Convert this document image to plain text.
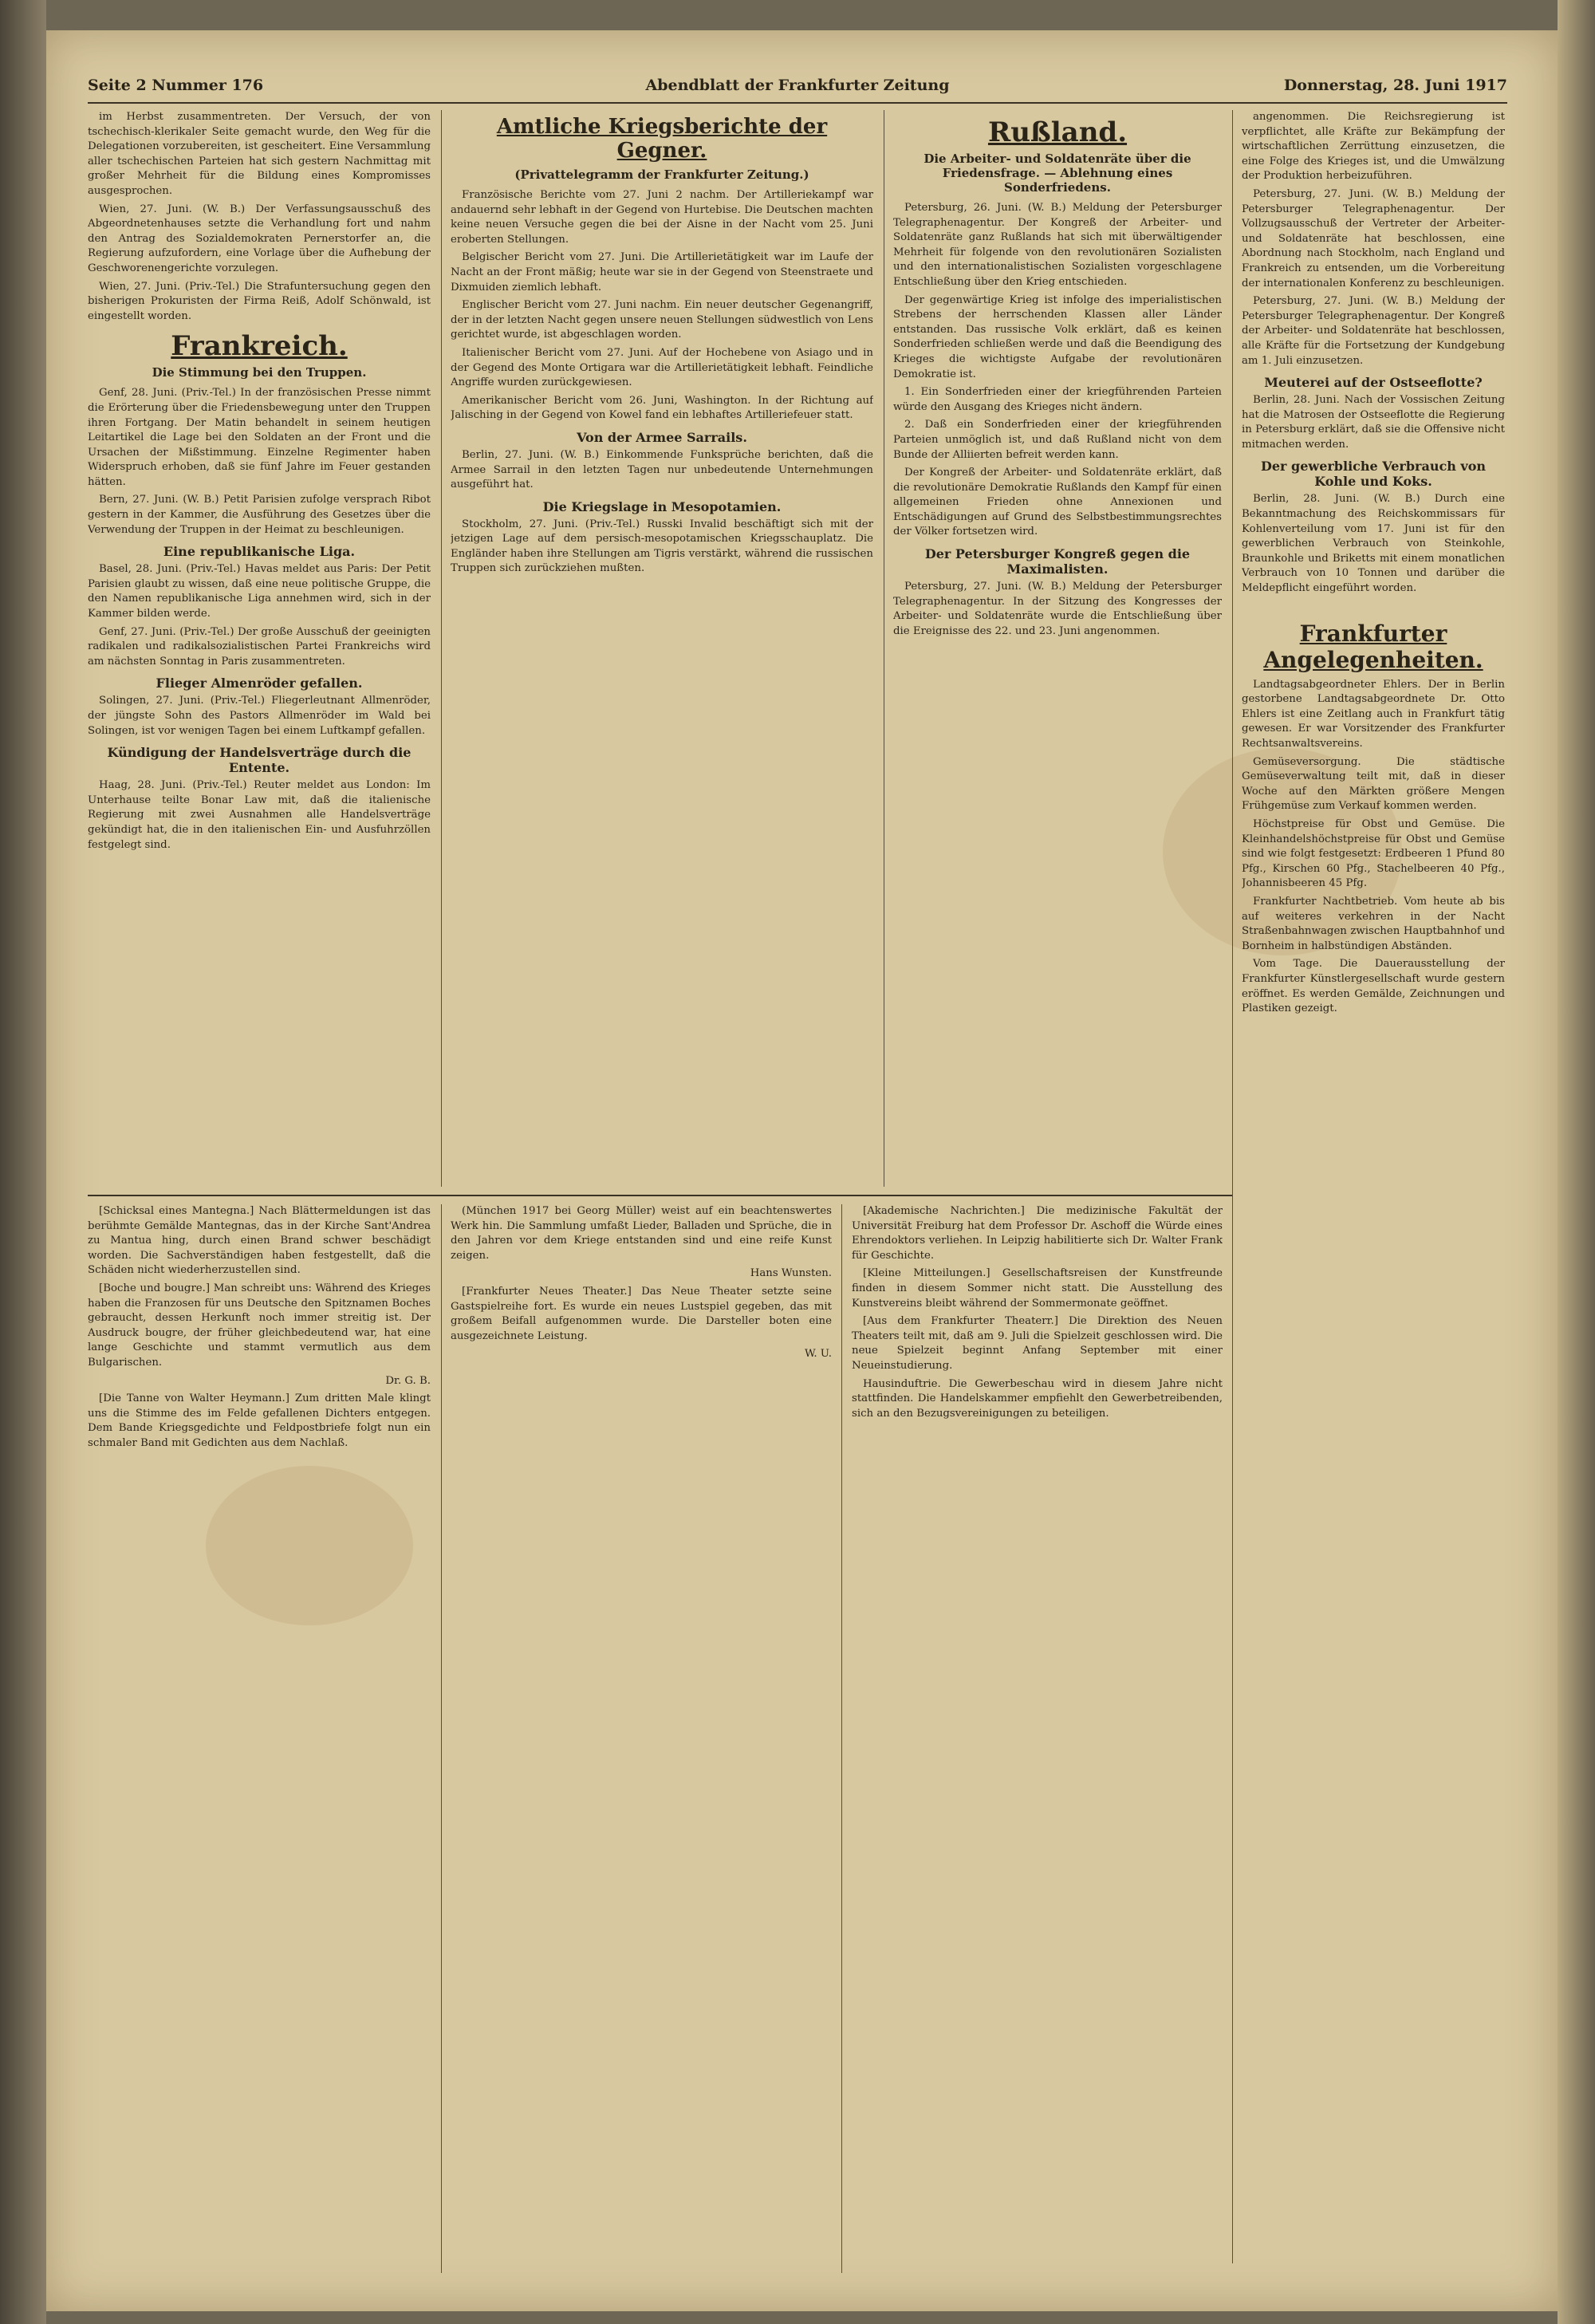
Seite 2 Nummer 176	Abendblatt der Frankfurter Zeitung	Donnerstag, 28. Juni 1917

im Herbst zusammentreten. Der Versuch, der von tschechisch-klerikaler Seite gemacht wurde, den Weg für die Delegationen vorzubereiten, ist gescheitert. Eine Versammlung aller tschechischen Parteien hat sich gestern Nachmittag mit großer Mehrheit für die Bildung eines Kompromisses ausgesprochen.

Wien, 27. Juni. (W. B.) Der Verfassungsausschuß des Abgeordnetenhauses setzte die Verhandlung fort und nahm den Antrag des Sozialdemokraten Pernerstorfer an, die Regierung aufzufordern, eine Vorlage über die Aufhebung der Geschworenengerichte vorzulegen.

Wien, 27. Juni. (Priv.-Tel.) Die Strafuntersuchung gegen den bisherigen Prokuristen der Firma Reiß, Adolf Schönwald, ist eingestellt worden.

Frankreich.
Die Stimmung bei den Truppen.

Genf, 28. Juni. (Priv.-Tel.) In der französischen Presse nimmt die Erörterung über die Friedensbewegung unter den Truppen ihren Fortgang. Der Matin behandelt in seinem heutigen Leitartikel die Lage bei den Soldaten an der Front und die Ursachen der Mißstimmung. Einzelne Regimenter haben Widerspruch erhoben, daß sie fünf Jahre im Feuer gestanden hätten.

Bern, 27. Juni. (W. B.) Petit Parisien zufolge versprach Ribot gestern in der Kammer, die Ausführung des Gesetzes über die Verwendung der Truppen in der Heimat zu beschleunigen.

Eine republikanische Liga.

Basel, 28. Juni. (Priv.-Tel.) Havas meldet aus Paris: Der Petit Parisien glaubt zu wissen, daß eine neue politische Gruppe, die den Namen republikanische Liga annehmen wird, sich in der Kammer bilden werde.

Genf, 27. Juni. (Priv.-Tel.) Der große Ausschuß der geeinigten radikalen und radikalsozialistischen Partei Frankreichs wird am nächsten Sonntag in Paris zusammentreten.

Flieger Almenröder gefallen.

Solingen, 27. Juni. (Priv.-Tel.) Fliegerleutnant Allmenröder, der jüngste Sohn des Pastors Allmenröder im Wald bei Solingen, ist vor wenigen Tagen bei einem Luftkampf gefallen.

Kündigung der Handelsverträge durch die Entente.

Haag, 28. Juni. (Priv.-Tel.) Reuter meldet aus London: Im Unterhause teilte Bonar Law mit, daß die italienische Regierung mit zwei Ausnahmen alle Handelsverträge gekündigt hat, die in den italienischen Ein- und Ausfuhrzöllen festgelegt sind.

Amtliche Kriegsberichte der Gegner.
(Privattelegramm der Frankfurter Zeitung.)

Französische Berichte vom 27. Juni 2 nachm. Der Artilleriekampf war andauernd sehr lebhaft in der Gegend von Hurtebise. Die Deutschen machten keine neuen Versuche gegen die bei der Aisne in der Nacht vom 25. Juni eroberten Stellungen.

Belgischer Bericht vom 27. Juni. Die Artillerietätigkeit war im Laufe der Nacht an der Front mäßig; heute war sie in der Gegend von Steenstraete und Dixmuiden ziemlich lebhaft.

Englischer Bericht vom 27. Juni nachm. Ein neuer deutscher Gegenangriff, der in der letzten Nacht gegen unsere neuen Stellungen südwestlich von Lens gerichtet wurde, ist abgeschlagen worden.

Italienischer Bericht vom 27. Juni. Auf der Hochebene von Asiago und in der Gegend des Monte Ortigara war die Artillerietätigkeit lebhaft. Feindliche Angriffe wurden zurückgewiesen.

Amerikanischer Bericht vom 26. Juni, Washington. In der Richtung auf Jalisching in der Gegend von Kowel fand ein lebhaftes Artilleriefeuer statt.

Von der Armee Sarrails.

Berlin, 27. Juni. (W. B.) Einkommende Funksprüche berichten, daß die Armee Sarrail in den letzten Tagen nur unbedeutende Unternehmungen ausgeführt hat.

Die Kriegslage in Mesopotamien.

Stockholm, 27. Juni. (Priv.-Tel.) Russki Invalid beschäftigt sich mit der jetzigen Lage auf dem persisch-mesopotamischen Kriegsschauplatz. Die Engländer haben ihre Stellungen am Tigris verstärkt, während die russischen Truppen sich zurückziehen mußten.

Rußland.
Die Arbeiter- und Soldatenräte über die Friedensfrage. — Ablehnung eines Sonderfriedens.

Petersburg, 26. Juni. (W. B.) Meldung der Petersburger Telegraphenagentur. Der Kongreß der Arbeiter- und Soldatenräte ganz Rußlands hat sich mit überwältigender Mehrheit für folgende von den revolutionären Sozialisten und den internationalistischen Sozialisten vorgeschlagene Entschließung über den Krieg entschieden.

Der gegenwärtige Krieg ist infolge des imperialistischen Strebens der herrschenden Klassen aller Länder entstanden. Das russische Volk erklärt, daß es keinen Sonderfrieden schließen werde und daß die Beendigung des Krieges die wichtigste Aufgabe der revolutionären Demokratie ist.

1. Ein Sonderfrieden einer der kriegführenden Parteien würde den Ausgang des Krieges nicht ändern.

2. Daß ein Sonderfrieden einer der kriegführenden Parteien unmöglich ist, und daß Rußland nicht von dem Bunde der Alliierten befreit werden kann.

Der Kongreß der Arbeiter- und Soldatenräte erklärt, daß die revolutionäre Demokratie Rußlands den Kampf für einen allgemeinen Frieden ohne Annexionen und Entschädigungen auf Grund des Selbstbestimmungsrechtes der Völker fortsetzen wird.

Der Petersburger Kongreß gegen die Maximalisten.

Petersburg, 27. Juni. (W. B.) Meldung der Petersburger Telegraphenagentur. In der Sitzung des Kongresses der Arbeiter- und Soldatenräte wurde die Entschließung über die Ereignisse des 22. und 23. Juni angenommen.

angenommen. Die Reichsregierung ist verpflichtet, alle Kräfte zur Bekämpfung der wirtschaftlichen Zerrüttung einzusetzen, die eine Folge des Krieges ist, und die Umwälzung der Produktion herbeizuführen.

Petersburg, 27. Juni. (W. B.) Meldung der Petersburger Telegraphenagentur. Der Vollzugsausschuß der Vertreter der Arbeiter- und Soldatenräte hat beschlossen, eine Abordnung nach Stockholm, nach England und Frankreich zu entsenden, um die Vorbereitung der internationalen Konferenz zu beschleunigen.

Petersburg, 27. Juni. (W. B.) Meldung der Petersburger Telegraphenagentur. Der Kongreß der Arbeiter- und Soldatenräte hat beschlossen, alle Kräfte für die Fortsetzung der Kundgebung am 1. Juli einzusetzen.

Meuterei auf der Ostseeflotte?

Berlin, 28. Juni. Nach der Vossischen Zeitung hat die Matrosen der Ostseeflotte die Regierung in Petersburg erklärt, daß sie die Offensive nicht mitmachen werden.

Der gewerbliche Verbrauch von Kohle und Koks.

Berlin, 28. Juni. (W. B.) Durch eine Bekanntmachung des Reichskommissars für Kohlenverteilung vom 17. Juni ist für den gewerblichen Verbrauch von Steinkohle, Braunkohle und Briketts mit einem monatlichen Verbrauch von 10 Tonnen und darüber die Meldepflicht eingeführt worden.

Frankfurter Angelegenheiten.

Landtagsabgeordneter Ehlers. Der in Berlin gestorbene Landtagsabgeordnete Dr. Otto Ehlers ist eine Zeitlang auch in Frankfurt tätig gewesen. Er war Vorsitzender des Frankfurter Rechtsanwaltsvereins.

Gemüseversorgung. Die städtische Gemüseverwaltung teilt mit, daß in dieser Woche auf den Märkten größere Mengen Frühgemüse zum Verkauf kommen werden.

Höchstpreise für Obst und Gemüse. Die Kleinhandelshöchstpreise für Obst und Gemüse sind wie folgt festgesetzt: Erdbeeren 1 Pfund 80 Pfg., Kirschen 60 Pfg., Stachelbeeren 40 Pfg., Johannisbeeren 45 Pfg.

Frankfurter Nachtbetrieb. Vom heute ab bis auf weiteres verkehren in der Nacht Straßenbahnwagen zwischen Hauptbahnhof und Bornheim in halbstündigen Abständen.

Vom Tage. Die Dauerausstellung der Frankfurter Künstlergesellschaft wurde gestern eröffnet. Es werden Gemälde, Zeichnungen und Plastiken gezeigt.

[Schicksal eines Mantegna.] Nach Blättermeldungen ist das berühmte Gemälde Mantegnas, das in der Kirche Sant'Andrea zu Mantua hing, durch einen Brand schwer beschädigt worden. Die Sachverständigen haben festgestellt, daß die Schäden nicht wiederherzustellen sind.

[Boche und bougre.] Man schreibt uns: Während des Krieges haben die Franzosen für uns Deutsche den Spitznamen Boches gebraucht, dessen Herkunft noch immer streitig ist. Der Ausdruck bougre, der früher gleichbedeutend war, hat eine lange Geschichte und stammt vermutlich aus dem Bulgarischen.

Dr. G. B.

[Die Tanne von Walter Heymann.] Zum dritten Male klingt uns die Stimme des im Felde gefallenen Dichters entgegen. Dem Bande Kriegsgedichte und Feldpostbriefe folgt nun ein schmaler Band mit Gedichten aus dem Nachlaß.

(München 1917 bei Georg Müller) weist auf ein beachtenswertes Werk hin. Die Sammlung umfaßt Lieder, Balladen und Sprüche, die in den Jahren vor dem Kriege entstanden sind und eine reife Kunst zeigen.

Hans Wunsten.

[Frankfurter Neues Theater.] Das Neue Theater setzte seine Gastspielreihe fort. Es wurde ein neues Lustspiel gegeben, das mit großem Beifall aufgenommen wurde. Die Darsteller boten eine ausgezeichnete Leistung.

W. U.

[Akademische Nachrichten.] Die medizinische Fakultät der Universität Freiburg hat dem Professor Dr. Aschoff die Würde eines Ehrendoktors verliehen. In Leipzig habilitierte sich Dr. Walter Frank für Geschichte.

[Kleine Mitteilungen.] Gesellschaftsreisen der Kunstfreunde finden in diesem Sommer nicht statt. Die Ausstellung des Kunstvereins bleibt während der Sommermonate geöffnet.

[Aus dem Frankfurter Theaterr.] Die Direktion des Neuen Theaters teilt mit, daß am 9. Juli die Spielzeit geschlossen wird. Die neue Spielzeit beginnt Anfang September mit einer Neueinstudierung.

Hausinduftrie. Die Gewerbeschau wird in diesem Jahre nicht stattfinden. Die Handelskammer empfiehlt den Gewerbetreibenden, sich an den Bezugsvereinigungen zu beteiligen.
